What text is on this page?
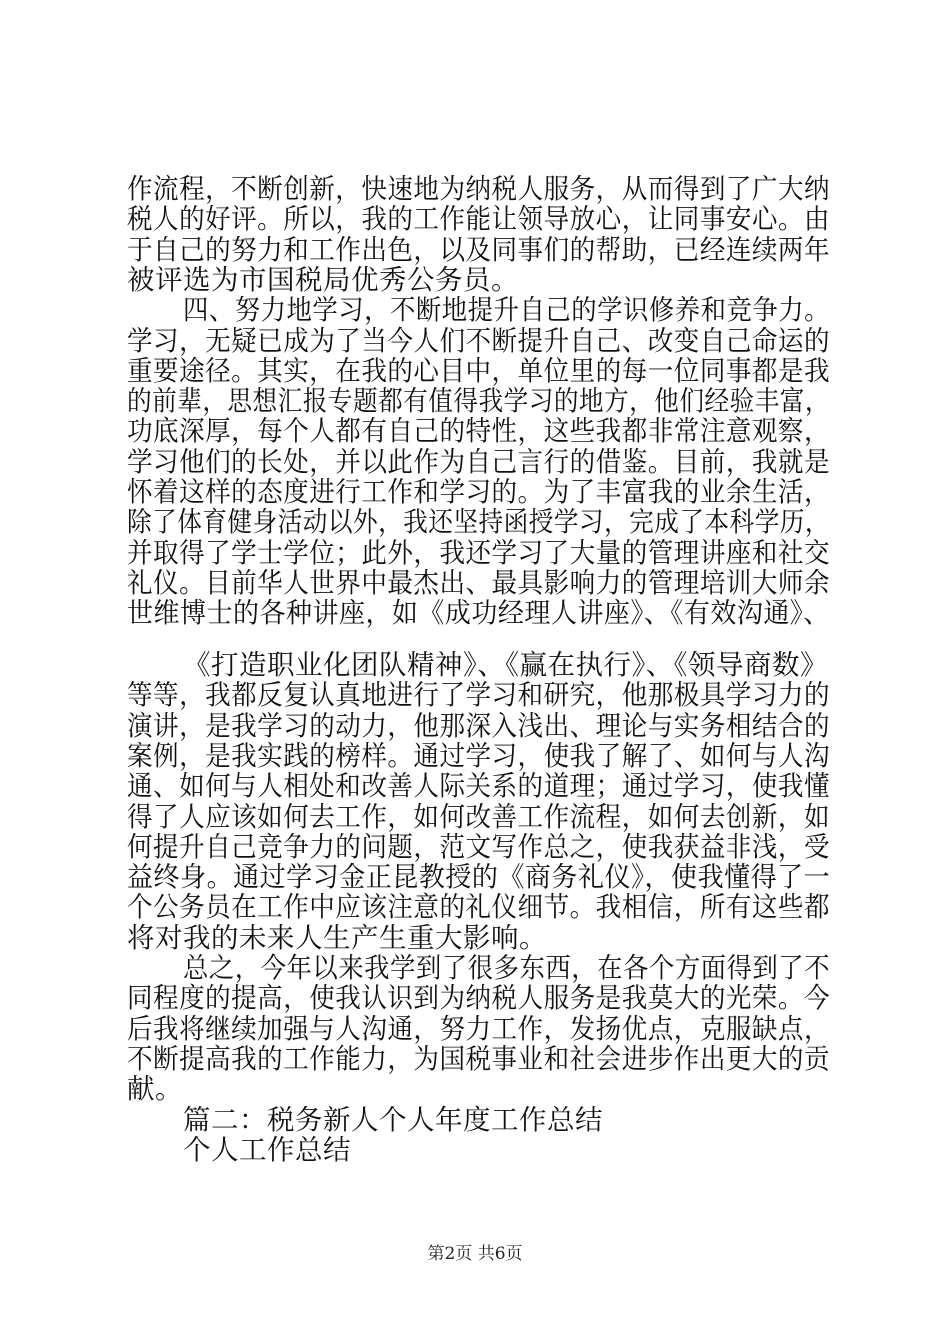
作流程，不断创新，快速地为纳税人服务，从而得到了广大纳

税人的好评。所以，我的工作能让领导放心，让同事安心。由

于自己的努力和工作出色，以及同事们的帮助，已经连续两年

被评选为市国税局优秀公务员。

四、努力地学习，不断地提升自己的学识修养和竞争力。

学习，无疑已成为了当今人们不断提升自己、改变自己命运的

重要途径。其实，在我的心目中，单位里的每一位同事都是我

的前辈，思想汇报专题都有值得我学习的地方，他们经验丰富，

功底深厚，每个人都有自己的特性，这些我都非常注意观察，

学习他们的长处，并以此作为自己言行的借鉴。目前，我就是

怀着这样的态度进行工作和学习的。为了丰富我的业余生活，

除了体育健身活动以外，我还坚持函授学习，完成了本科学历，

并取得了学士学位；此外，我还学习了大量的管理讲座和社交

礼仪。目前华人世界中最杰出、最具影响力的管理培训大师余

世维博士的各种讲座，如《成功经理人讲座》、《有效沟通》、

《打造职业化团队精神》、《赢在执行》、《领导商数》

等等，我都反复认真地进行了学习和研究，他那极具学习力的

演讲，是我学习的动力，他那深入浅出、理论与实务相结合的

案例，是我实践的榜样。通过学习，使我了解了、如何与人沟

通、如何与人相处和改善人际关系的道理；通过学习，使我懂

得了人应该如何去工作，如何改善工作流程，如何去创新，如

何提升自己竞争力的问题，范文写作总之，使我获益非浅，受

益终身。通过学习金正昆教授的《商务礼仪》，使我懂得了一

个公务员在工作中应该注意的礼仪细节。我相信，所有这些都

将对我的未来人生产生重大影响。

总之，今年以来我学到了很多东西，在各个方面得到了不

同程度的提高，使我认识到为纳税人服务是我莫大的光荣。今

后我将继续加强与人沟通，努力工作，发扬优点，克服缺点，

不断提高我的工作能力，为国税事业和社会进步作出更大的贡

献。

篇二：税务新人个人年度工作总结

个人工作总结

第2页 共6页
